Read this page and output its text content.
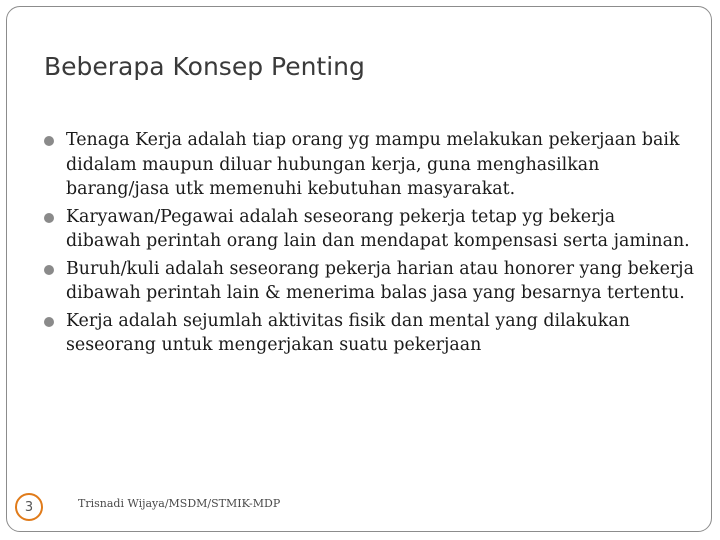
Beberapa Konsep Penting
Tenaga Kerja adalah tiap orang yg mampu melakukan pekerjaan baik didalam maupun diluar hubungan kerja, guna menghasilkan barang/jasa utk memenuhi kebutuhan masyarakat.
Karyawan/Pegawai adalah seseorang pekerja tetap yg bekerja dibawah perintah orang lain dan mendapat kompensasi serta jaminan.
Buruh/kuli adalah seseorang pekerja harian atau honorer yang bekerja dibawah perintah lain & menerima balas jasa yang besarnya tertentu.
Kerja adalah sejumlah aktivitas fisik dan mental yang dilakukan seseorang untuk mengerjakan suatu pekerjaan
3	Trisnadi Wijaya/MSDM/STMIK-MDP
